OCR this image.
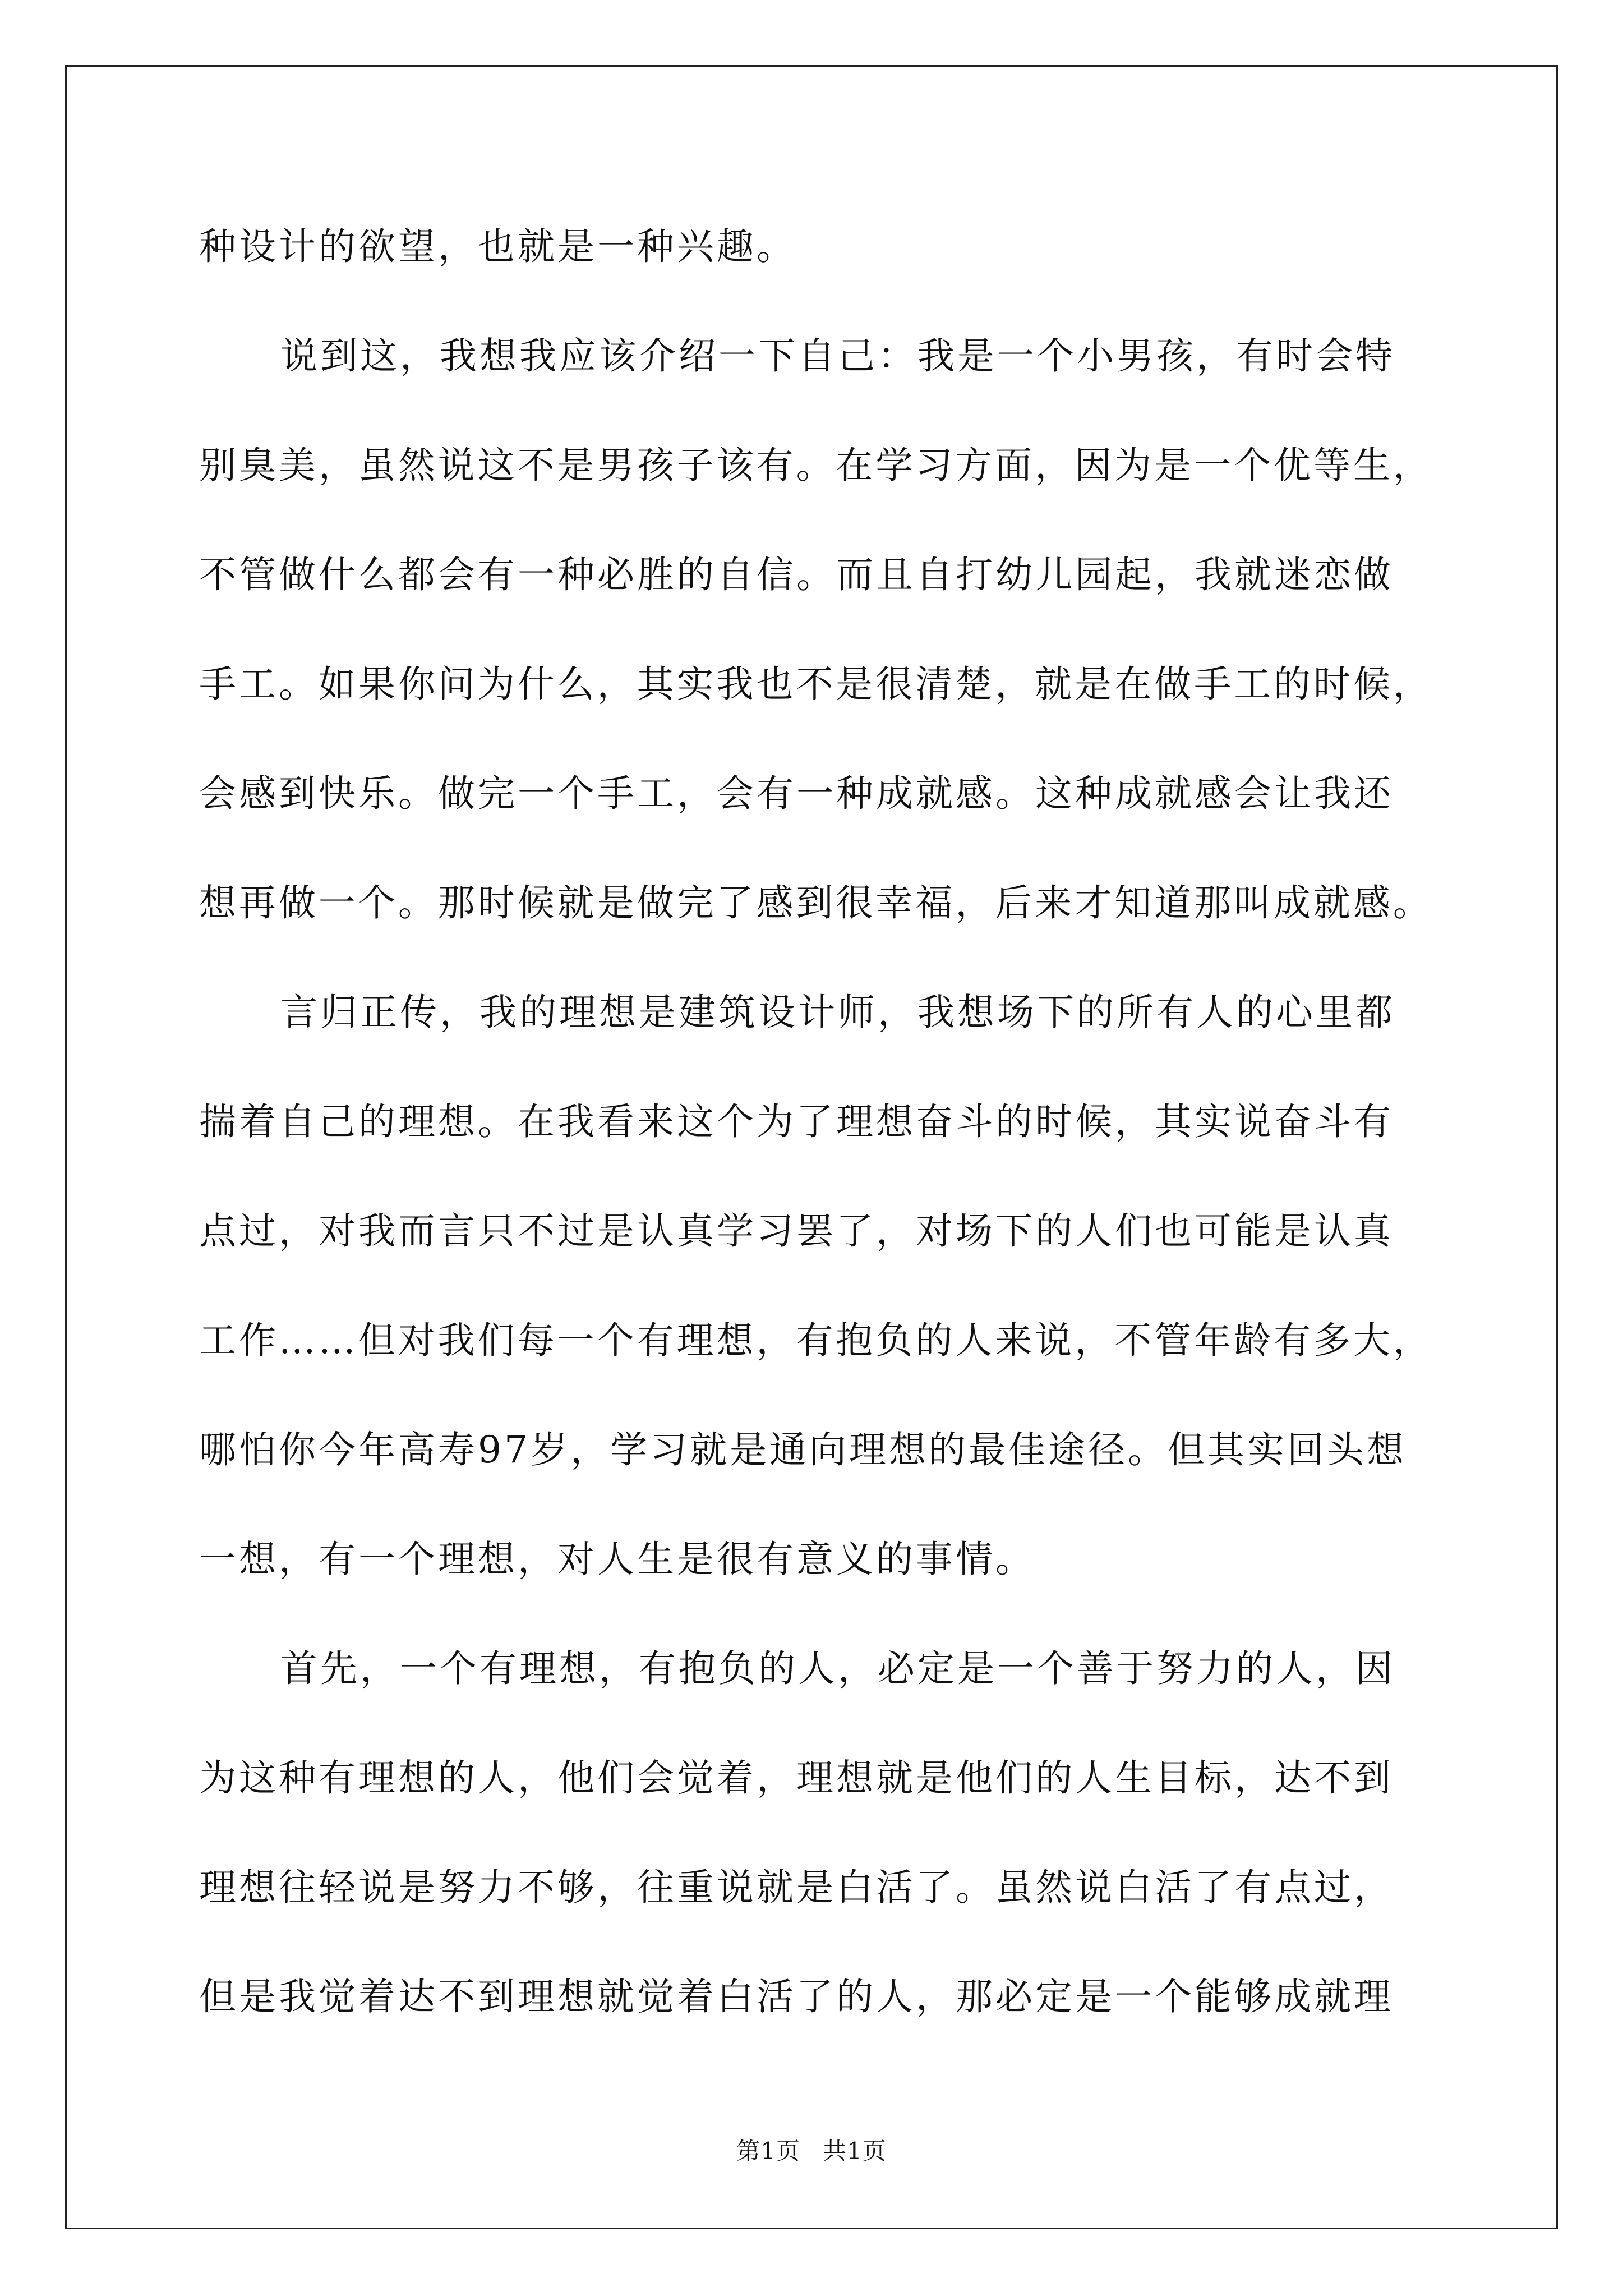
种设计的欲望，也就是一种兴趣。
说到这，我想我应该介绍一下自己：我是一个小男孩，有时会特
别臭美，虽然说这不是男孩子该有。在学习方面，因为是一个优等生，
不管做什么都会有一种必胜的自信。而且自打幼儿园起，我就迷恋做
手工。如果你问为什么，其实我也不是很清楚，就是在做手工的时候，
会感到快乐。做完一个手工，会有一种成就感。这种成就感会让我还
想再做一个。那时候就是做完了感到很幸福，后来才知道那叫成就感。
言归正传，我的理想是建筑设计师，我想场下的所有人的心里都
揣着自己的理想。在我看来这个为了理想奋斗的时候，其实说奋斗有
点过，对我而言只不过是认真学习罢了，对场下的人们也可能是认真
工作……但对我们每一个有理想，有抱负的人来说，不管年龄有多大，
哪怕你今年高寿97岁，学习就是通向理想的最佳途径。但其实回头想
一想，有一个理想，对人生是很有意义的事情。
首先，一个有理想，有抱负的人，必定是一个善于努力的人，因
为这种有理想的人，他们会觉着，理想就是他们的人生目标，达不到
理想往轻说是努力不够，往重说就是白活了。虽然说白活了有点过，
但是我觉着达不到理想就觉着白活了的人，那必定是一个能够成就理
第1页 共1页
